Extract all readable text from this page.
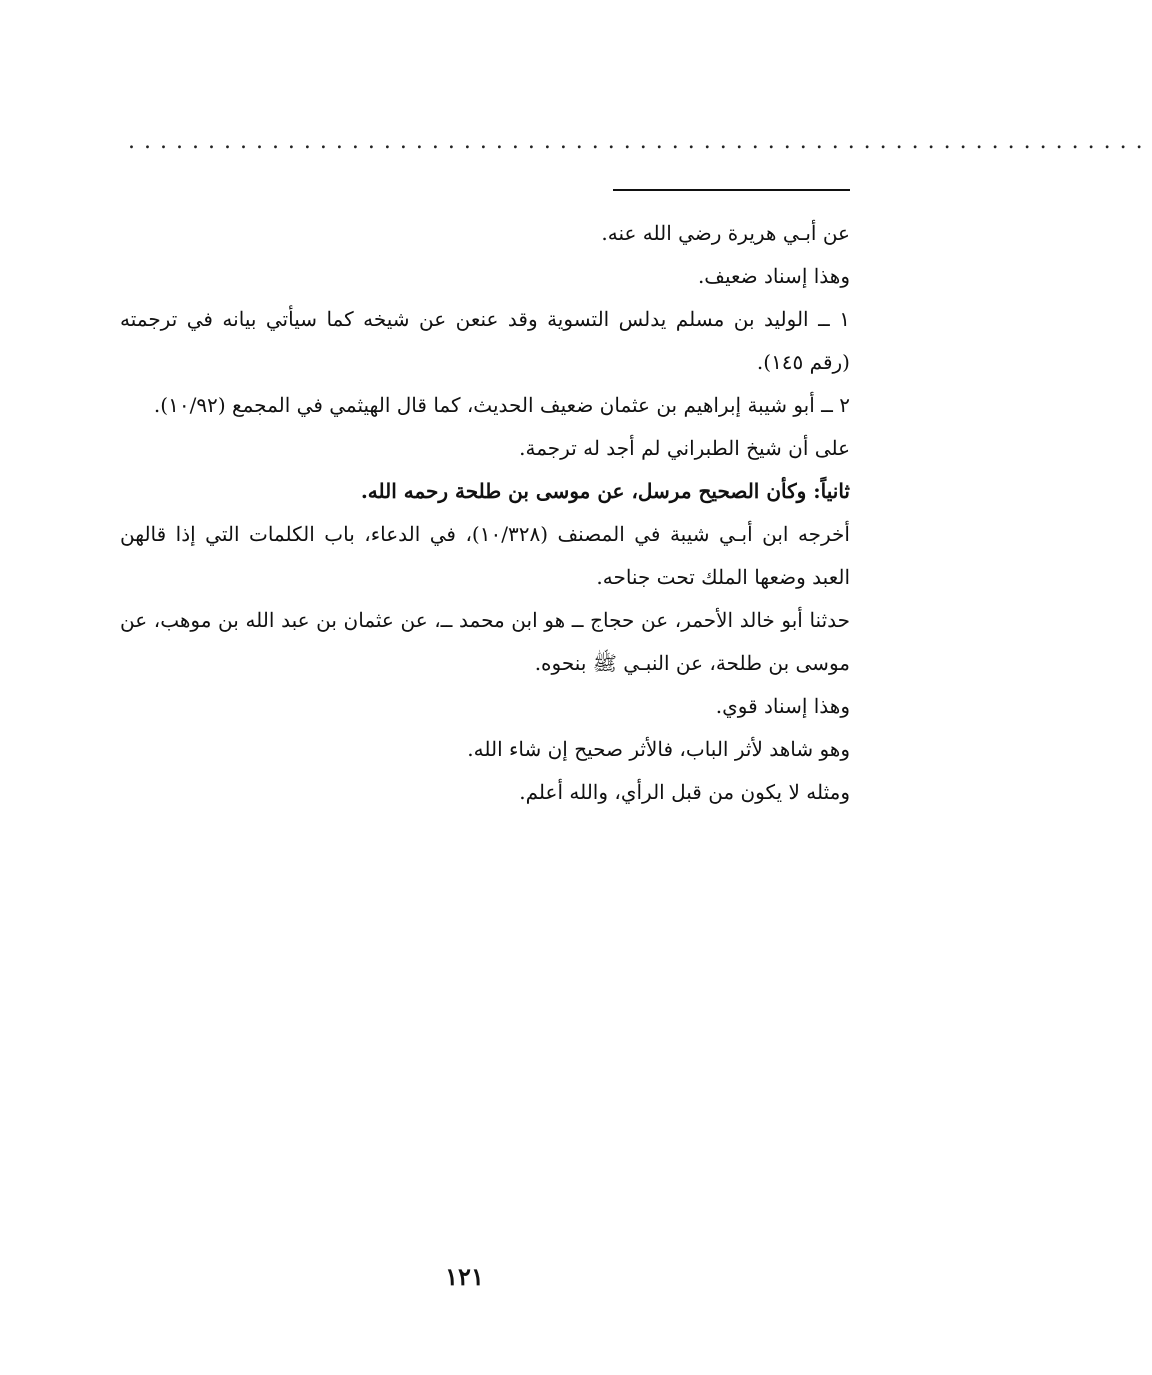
................................................................

عن أبـي هريرة رضي الله عنه.

وهذا إسناد ضعيف.

١ ــ الوليد بن مسلم يدلس التسوية وقد عنعن عن شيخه كما سيأتي بيانه في ترجمته (رقم ١٤٥).

٢ ــ أبو شيبة إبراهيم بن عثمان ضعيف الحديث، كما قال الهيثمي في المجمع (١٠/٩٢).

على أن شيخ الطبراني لم أجد له ترجمة.

ثانياً: وكأن الصحيح مرسل، عن موسى بن طلحة رحمه الله.

أخرجه ابن أبـي شيبة في المصنف (١٠/٣٢٨)، في الدعاء، باب الكلمات التي إذا قالهن العبد وضعها الملك تحت جناحه.

حدثنا أبو خالد الأحمر، عن حجاج ــ هو ابن محمد ــ، عن عثمان بن عبد الله بن موهب، عن موسى بن طلحة، عن النبـي ﷺ بنحوه.

وهذا إسناد قوي.

وهو شاهد لأثر الباب، فالأثر صحيح إن شاء الله.

ومثله لا يكون من قبل الرأي، والله أعلم.

١٢١
